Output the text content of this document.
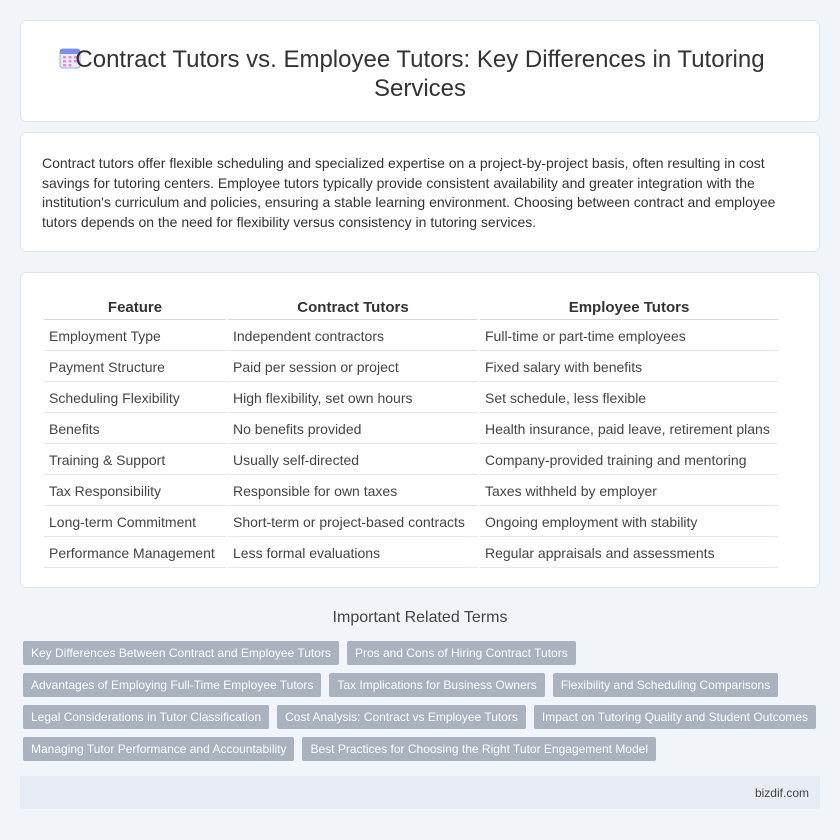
Contract Tutors vs. Employee Tutors: Key Differences in Tutoring Services

Contract tutors offer flexible scheduling and specialized expertise on a project-by-project basis, often resulting in cost savings for tutoring centers. Employee tutors typically provide consistent availability and greater integration with the institution's curriculum and policies, ensuring a stable learning environment. Choosing between contract and employee tutors depends on the need for flexibility versus consistency in tutoring services.

Feature	Contract Tutors	Employee Tutors
Employment Type	Independent contractors	Full-time or part-time employees
Payment Structure	Paid per session or project	Fixed salary with benefits
Scheduling Flexibility	High flexibility, set own hours	Set schedule, less flexible
Benefits	No benefits provided	Health insurance, paid leave, retirement plans
Training & Support	Usually self-directed	Company-provided training and mentoring
Tax Responsibility	Responsible for own taxes	Taxes withheld by employer
Long-term Commitment	Short-term or project-based contracts	Ongoing employment with stability
Performance Management	Less formal evaluations	Regular appraisals and assessments
Important Related Terms
Key Differences Between Contract and Employee Tutors	Pros and Cons of Hiring Contract Tutors
Advantages of Employing Full-Time Employee Tutors	Tax Implications for Business Owners	Flexibility and Scheduling Comparisons
Legal Considerations in Tutor Classification	Cost Analysis: Contract vs Employee Tutors	Impact on Tutoring Quality and Student Outcomes
Managing Tutor Performance and Accountability	Best Practices for Choosing the Right Tutor Engagement Model
bizdif.com
